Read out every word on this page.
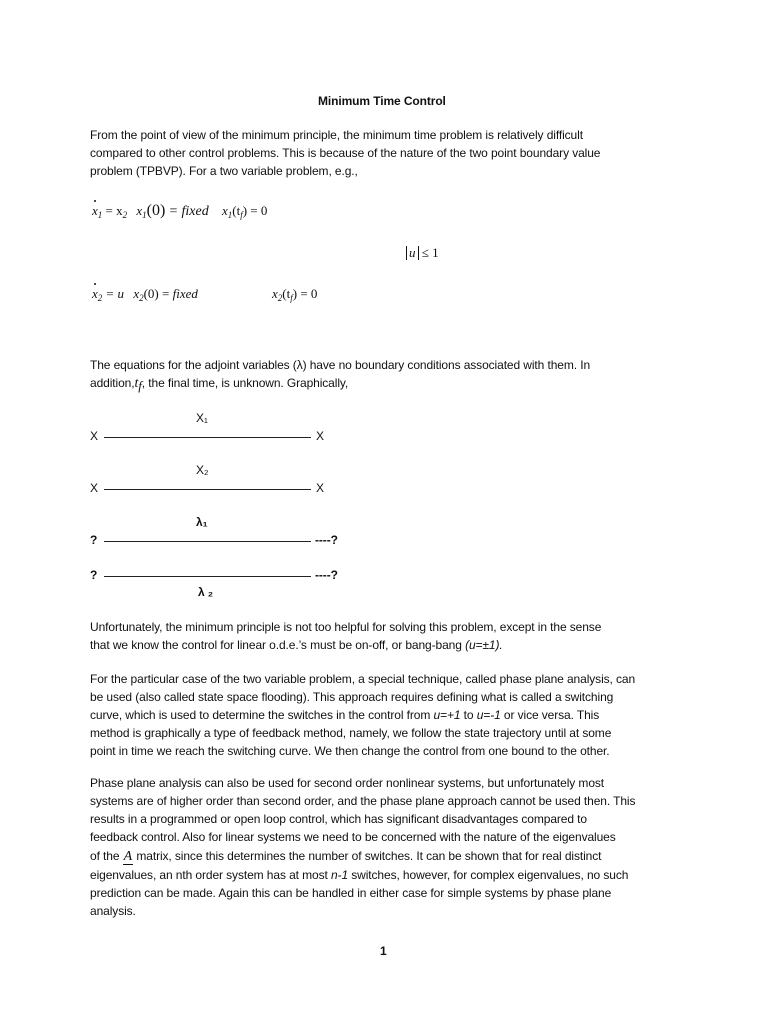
Minimum Time Control
From the point of view of the minimum principle, the minimum time problem is relatively difficult
compared to other control problems. This is because of the nature of the two point boundary value
problem (TPBVP). For a two variable problem, e.g.,
$x_1 = x_2$ $x_1(0)$ = fixed $x_1(t_f) = 0$
u ≤ 1
$x_2 = u$ $x_2(0)$ = fixed	$x_2(t_f) = 0$
The equations for the adjoint variables (λ) have no boundary conditions associated with them. In
$addition,t_f$, the final time, is unknown. Graphically,
X₁
X	X
X₂
X	X
λ₁
?	----?
?	----?
λ ₂
Unfortunately, the minimum principle is not too helpful for solving this problem, except in the sense
that we know the control for linear o.d.e.’s must be on-off, or bang-bang (u=±1).
For the particular case of the two variable problem, a special technique, called phase plane analysis, can
be used (also called state space flooding). This approach requires defining what is called a switching
curve, which is used to determine the switches in the control from u=+1 to u=-1 or vice versa. This
method is graphically a type of feedback method, namely, we follow the state trajectory until at some
point in time we reach the switching curve. We then change the control from one bound to the other.
Phase plane analysis can also be used for second order nonlinear systems, but unfortunately most
systems are of higher order than second order, and the phase plane approach cannot be used then. This
results in a programmed or open loop control, which has significant disadvantages compared to
feedback control. Also for linear systems we need to be concerned with the nature of the eigenvalues
of the A matrix, since this determines the number of switches. It can be shown that for real distinct
eigenvalues, an nth order system has at most n-1 switches, however, for complex eigenvalues, no such
prediction can be made. Again this can be handled in either case for simple systems by phase plane
analysis.
1
